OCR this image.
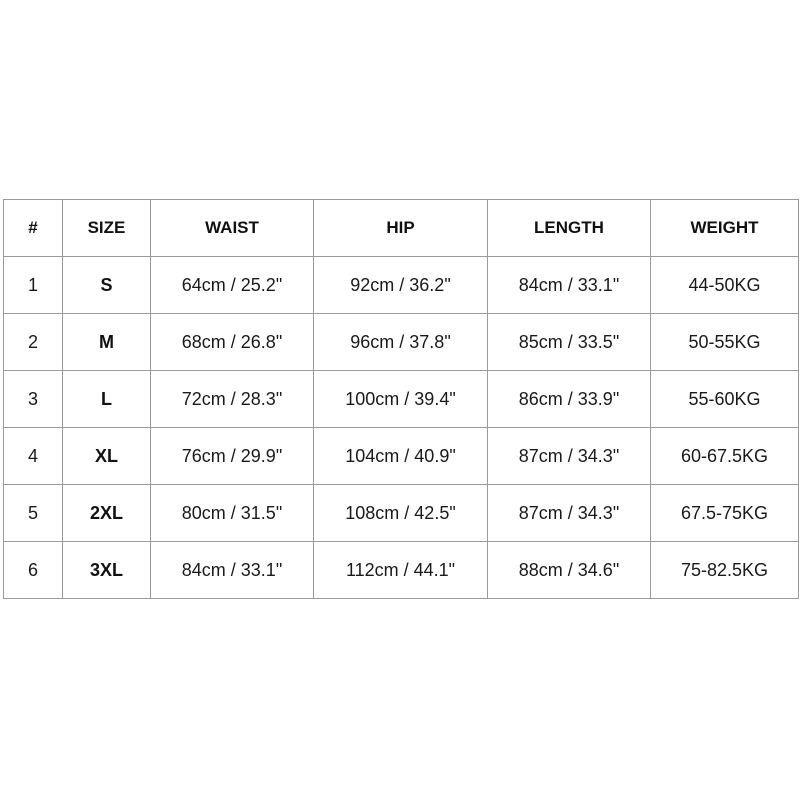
#	SIZE	WAIST	HIP	LENGTH	WEIGHT
1	S	64cm / 25.2"	92cm / 36.2"	84cm / 33.1"	44-50KG
2	M	68cm / 26.8"	96cm / 37.8"	85cm / 33.5"	50-55KG
3	L	72cm / 28.3"	100cm / 39.4"	86cm / 33.9"	55-60KG
4	XL	76cm / 29.9"	104cm / 40.9"	87cm / 34.3"	60-67.5KG
5	2XL	80cm / 31.5"	108cm / 42.5"	87cm / 34.3"	67.5-75KG
6	3XL	84cm / 33.1"	112cm / 44.1"	88cm / 34.6"	75-82.5KG
